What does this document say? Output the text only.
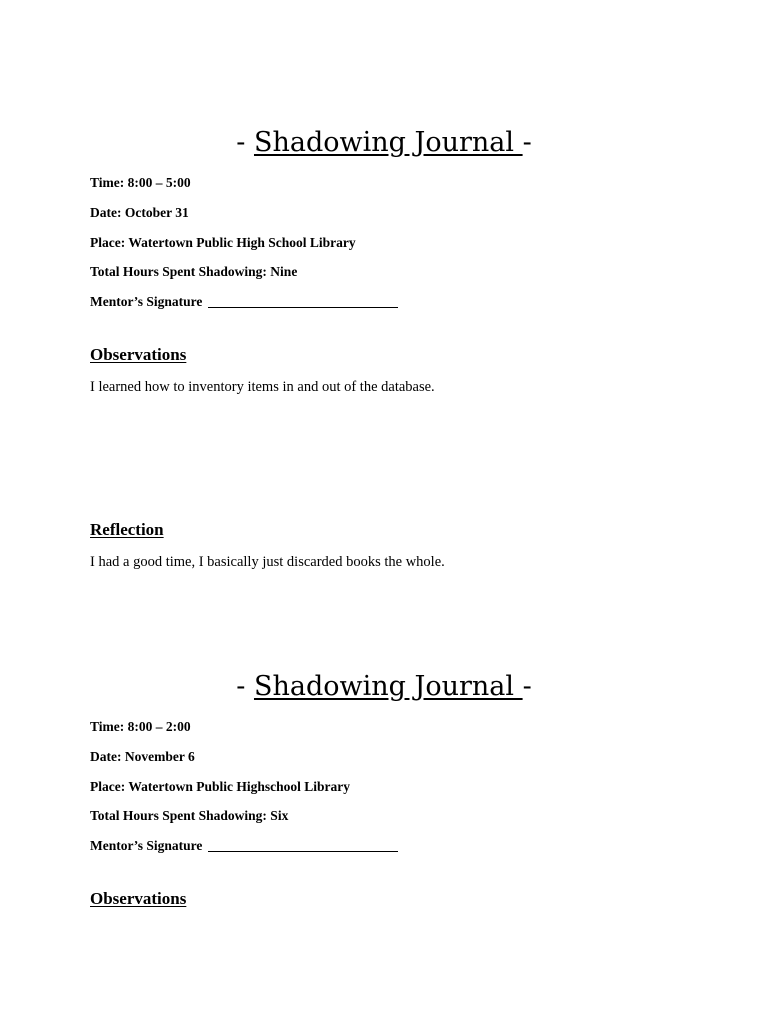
- Shadowing Journal -
Time: 8:00 – 5:00
Date: October 31
Place: Watertown Public High School Library
Total Hours Spent Shadowing: Nine
Mentor’s Signature
Observations
I learned how to inventory items in and out of the database.
Reflection
I had a good time, I basically just discarded books the whole.
- Shadowing Journal -
Time: 8:00 – 2:00
Date: November 6
Place: Watertown Public Highschool Library
Total Hours Spent Shadowing: Six
Mentor’s Signature
Observations
